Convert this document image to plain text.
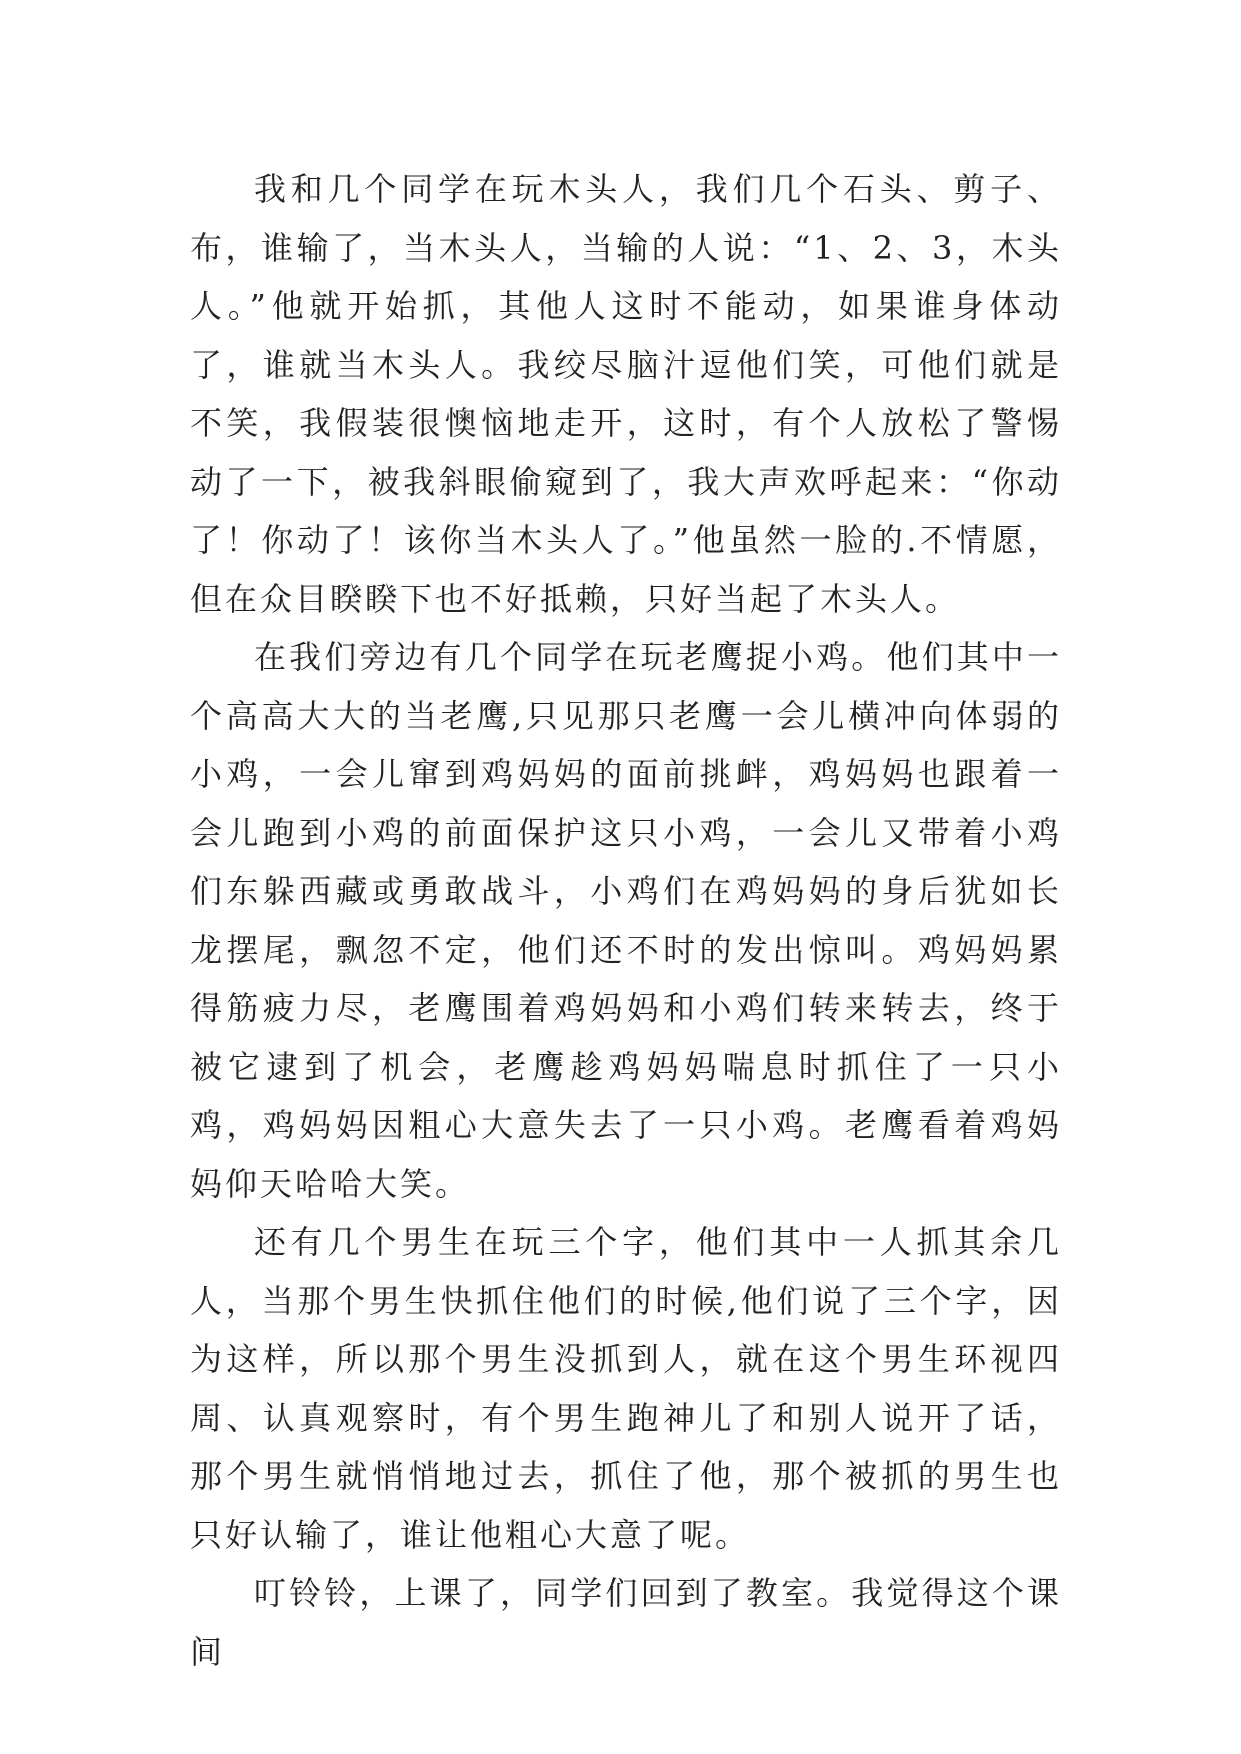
我和几个同学在玩木头人，我们几个石头、剪子、布，谁输了，当木头人，当输的人说：“1、2、3，木头人。”他就开始抓，其他人这时不能动，如果谁身体动了，谁就当木头人。我绞尽脑汁逗他们笑，可他们就是不笑，我假装很懊恼地走开，这时，有个人放松了警惕动了一下，被我斜眼偷窥到了，我大声欢呼起来：“你动了！你动了！该你当木头人了。”他虽然一脸的.不情愿，但在众目睽睽下也不好抵赖，只好当起了木头人。

在我们旁边有几个同学在玩老鹰捉小鸡。他们其中一个高高大大的当老鹰,只见那只老鹰一会儿横冲向体弱的小鸡，一会儿窜到鸡妈妈的面前挑衅，鸡妈妈也跟着一会儿跑到小鸡的前面保护这只小鸡，一会儿又带着小鸡们东躲西藏或勇敢战斗，小鸡们在鸡妈妈的身后犹如长龙摆尾，飘忽不定，他们还不时的发出惊叫。鸡妈妈累得筋疲力尽，老鹰围着鸡妈妈和小鸡们转来转去，终于被它逮到了机会，老鹰趁鸡妈妈喘息时抓住了一只小鸡，鸡妈妈因粗心大意失去了一只小鸡。老鹰看着鸡妈妈仰天哈哈大笑。

还有几个男生在玩三个字，他们其中一人抓其余几人，当那个男生快抓住他们的时候,他们说了三个字，因为这样，所以那个男生没抓到人，就在这个男生环视四周、认真观察时，有个男生跑神儿了和别人说开了话，那个男生就悄悄地过去，抓住了他，那个被抓的男生也只好认输了，谁让他粗心大意了呢。

叮铃铃，上课了，同学们回到了教室。我觉得这个课间
